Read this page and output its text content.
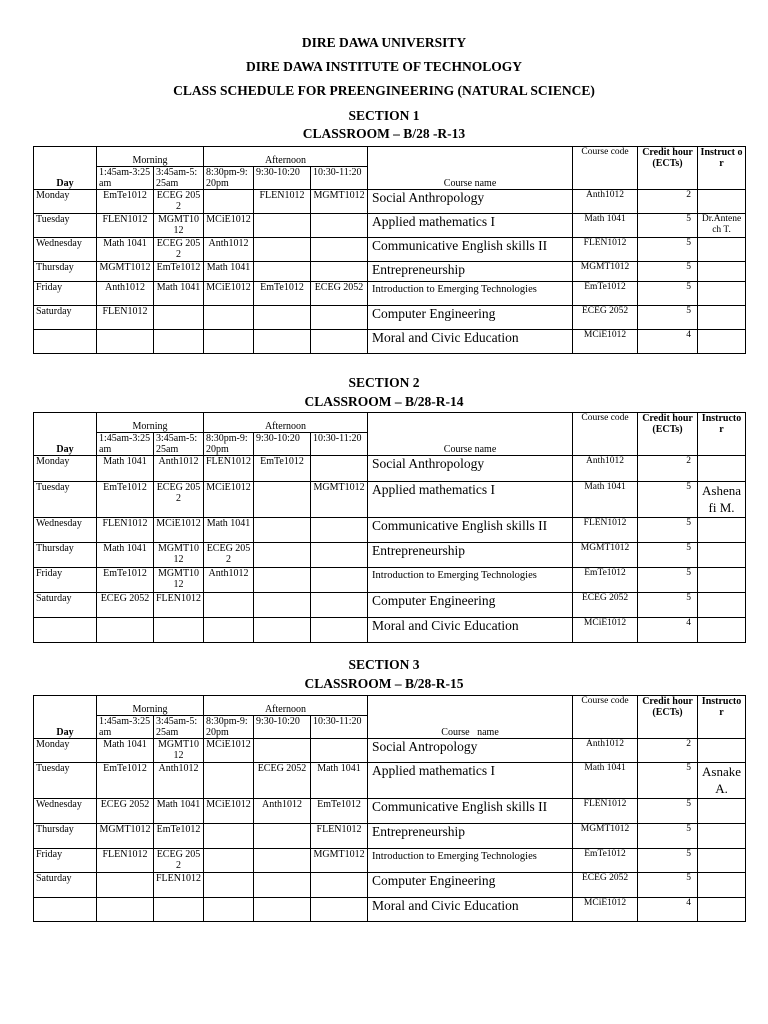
DIRE DAWA UNIVERSITY
DIRE DAWA INSTITUTE OF TECHNOLOGY
CLASS SCHEDULE FOR PREENGINEERING (NATURAL SCIENCE)
SECTION 1
CLASSROOM – B/28 -R-13
SECTION 2
CLASSROOM – B/28-R-14
SECTION 3
CLASSROOM – B/28-R-15
Day	Morning		Afternoon			Course name	Course code	Credit hour(ECTs)	Instruct or
	1:45am-3:25am	3:45am-5:25am	8:30pm-9:20pm	9:30-10:20	10:30-11:20				
Monday	EmTe1012	ECEG 2052		FLEN1012	MGMT1012	Social Anthropology	Anth1012	2	
Tuesday	FLEN1012	MGMT1012	MCiE1012			Applied mathematics I	Math 1041	5	Dr.Antenech T.
Wednesday	Math 1041	ECEG 2052	Anth1012			Communicative English skills II	FLEN1012	5	
Thursday	MGMT1012	EmTe1012	Math 1041			Entrepreneurship	MGMT1012	5	
Friday	Anth1012	Math 1041	MCiE1012	EmTe1012	ECEG 2052	Introduction to Emerging Technologies	EmTe1012	5	
Saturday	FLEN1012					Computer Engineering	ECEG 2052	5	
						Moral and Civic Education	MCiE1012	4	
Day	Morning		Afternoon			Course name	Course code	Credit hour(ECTs)	Instructor
	1:45am-3:25am	3:45am-5:25am	8:30pm-9:20pm	9:30-10:20	10:30-11:20				
Monday	Math 1041	Anth1012	FLEN1012	EmTe1012		Social Anthropology	Anth1012	2	
Tuesday	EmTe1012	ECEG 2052	MCiE1012		MGMT1012	Applied mathematics I	Math 1041	5	Ashenafi M.
Wednesday	FLEN1012	MCiE1012	Math 1041			Communicative English skills II	FLEN1012	5	
Thursday	Math 1041	MGMT1012	ECEG 2052			Entrepreneurship	MGMT1012	5	
Friday	EmTe1012	MGMT1012	Anth1012			Introduction to Emerging Technologies	EmTe1012	5	
Saturday	ECEG 2052	FLEN1012				Computer Engineering	ECEG 2052	5	
						Moral and Civic Education	MCiE1012	4	
Day	Morning		Afternoon			Course   name	Course code	Credit hour(ECTs)	Instructor
	1:45am-3:25am	3:45am-5:25am	8:30pm-9:20pm	9:30-10:20	10:30-11:20				
Monday	Math 1041	MGMT1012	MCiE1012			Social Antropology	Anth1012	2	
Tuesday	EmTe1012	Anth1012		ECEG 2052	Math 1041	Applied mathematics I	Math 1041	5	Asnake A.
Wednesday	ECEG 2052	Math 1041	MCiE1012	Anth1012	EmTe1012	Communicative English skills II	FLEN1012	5	
Thursday	MGMT1012	EmTe1012			FLEN1012	Entrepreneurship	MGMT1012	5	
Friday	FLEN1012	ECEG 2052			MGMT1012	Introduction to Emerging Technologies	EmTe1012	5	
Saturday		FLEN1012				Computer Engineering	ECEG 2052	5	
						Moral and Civic Education	MCiE1012	4	
